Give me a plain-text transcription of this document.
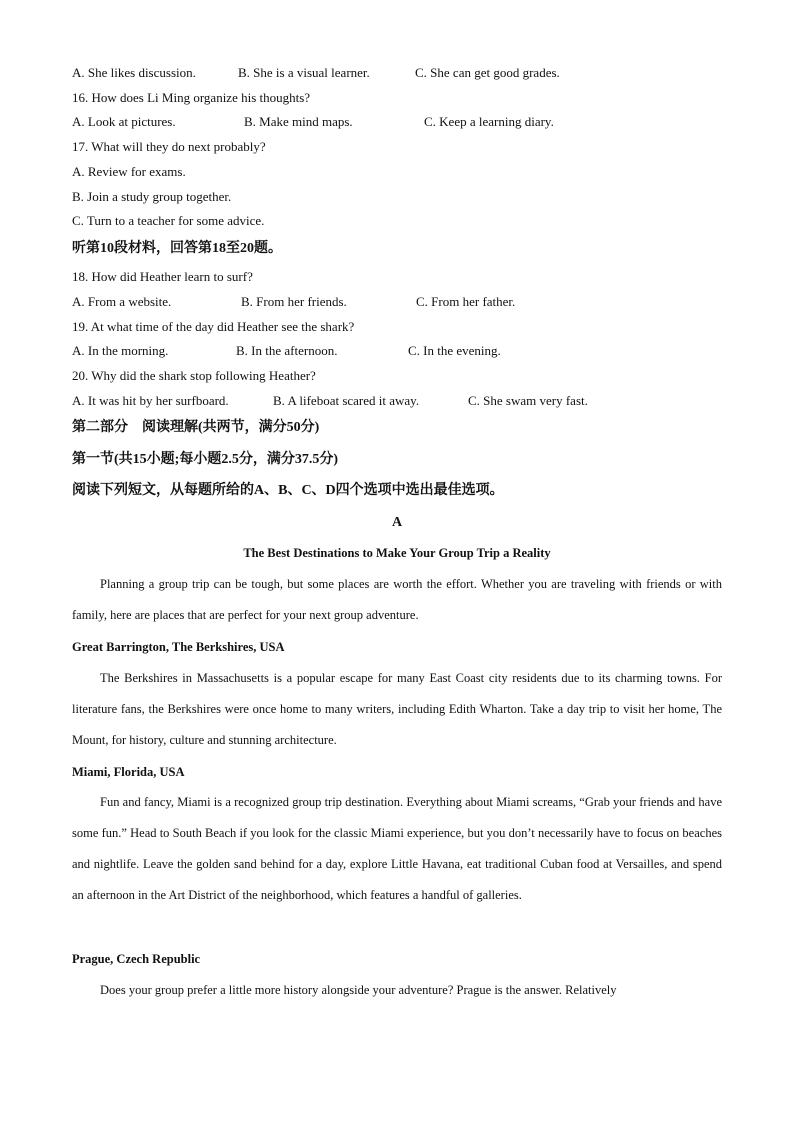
A. She likes discussion.	B. She is a visual learner.	C. She can get good grades.
16. How does Li Ming organize his thoughts?
A. Look at pictures.	B. Make mind maps.	C. Keep a learning diary.
17. What will they do next probably?
A. Review for exams.
B. Join a study group together.
C. Turn to a teacher for some advice.
听第10段材料，回答第18至20题。
18. How did Heather learn to surf?
A. From a website.	B. From her friends.	C. From her father.
19. At what time of the day did Heather see the shark?
A. In the morning.	B. In the afternoon.	C. In the evening.
20. Why did the shark stop following Heather?
A. It was hit by her surfboard.	B. A lifeboat scared it away.	C. She swam very fast.
第二部分　阅读理解(共两节，满分50分)
第一节(共15小题;每小题2.5分，满分37.5分)
阅读下列短文，从每题所给的A、B、C、D四个选项中选出最佳选项。
A
The Best Destinations to Make Your Group Trip a Reality
Planning a group trip can be tough, but some places are worth the effort. Whether you are traveling with friends or with family, here are places that are perfect for your next group adventure.
Great Barrington, The Berkshires, USA
The Berkshires in Massachusetts is a popular escape for many East Coast city residents due to its charming towns. For literature fans, the Berkshires were once home to many writers, including Edith Wharton. Take a day trip to visit her home, The Mount, for history, culture and stunning architecture.
Miami, Florida, USA
Fun and fancy, Miami is a recognized group trip destination. Everything about Miami screams, “Grab your friends and have some fun.” Head to South Beach if you look for the classic Miami experience, but you don’t necessarily have to focus on beaches and nightlife. Leave the golden sand behind for a day, explore Little Havana, eat traditional Cuban food at Versailles, and spend an afternoon in the Art District of the neighborhood, which features a handful of galleries.
Prague, Czech Republic
Does your group prefer a little more history alongside your adventure? Prague is the answer. Relatively
